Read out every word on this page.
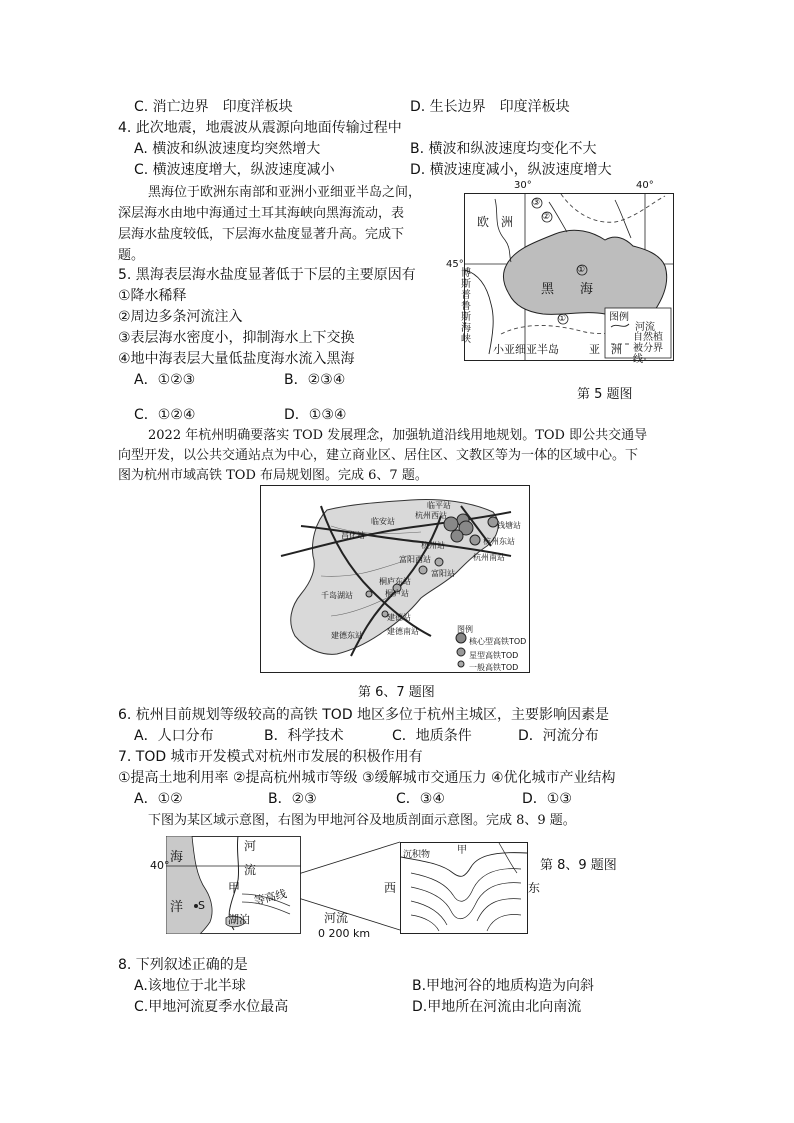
C. 消亡边界　印度洋板块	D. 生长边界　印度洋板块
4. 此次地震，地震波从震源向地面传输过程中
A. 横波和纵波速度均突然增大	B. 横波和纵波速度均变化不大
C. 横波速度增大，纵波速度减小	D. 横波速度减小，纵波速度增大
黑海位于欧洲东南部和亚洲小亚细亚半岛之间，
深层海水由地中海通过土耳其海峡向黑海流动，表
层海水盐度较低，下层海水盐度显著升高。完成下
题。
5. 黑海表层海水盐度显著低于下层的主要原因有
①降水稀释
②周边多条河流注入
③表层海水密度小，抑制海水上下交换
④地中海表层大量低盐度海水流入黑海
A．①②③	B．②③④
C．①②④	D．①③④
欧　洲
黑　　海
博斯普鲁斯海峡
小亚细亚半岛	亚　洲
图例
河流
自然植被分界线
③
②
①
①
30°	40°
45°
第 5 题图
2022 年杭州明确要落实 TOD 发展理念，加强轨道沿线用地规划。TOD 即公共交通导
向型开发，以公共交通站点为中心，建立商业区、居住区、文教区等为一体的区域中心。下
图为杭州市域高铁 TOD 布局规划图。完成 6、7 题。
临平站
杭州西站
钱塘站
杭州站	杭州东站
杭州南站
临安站
昌化站
富阳西站
富阳站
桐庐东站
桐庐站
千岛湖站
建德站
建德南站
建德东站
图例
核心型高铁TOD
星型高铁TOD
一般高铁TOD
第 6、7 题图
6. 杭州目前规划等级较高的高铁 TOD 地区多位于杭州主城区，主要影响因素是
A．人口分布	B．科学技术	C．地质条件	D．河流分布
7. TOD 城市开发模式对杭州市发展的积极作用有
①提高土地利用率 ②提高杭州城市等级 ③缓解城市交通压力 ④优化城市产业结构
A．①②	B．②③	C．③④	D．①③
下图为某区域示意图，右图为甲地河谷及地质剖面示意图。完成 8、9 题。
海
洋 S
河
流
甲 等高线
湖泊	河流
0 200 km
40°
沉积物	甲
西	东
第 8、9 题图
8. 下列叙述正确的是
A.该地位于北半球	B.甲地河谷的地质构造为向斜
C.甲地河流夏季水位最高	D.甲地所在河流由北向南流
